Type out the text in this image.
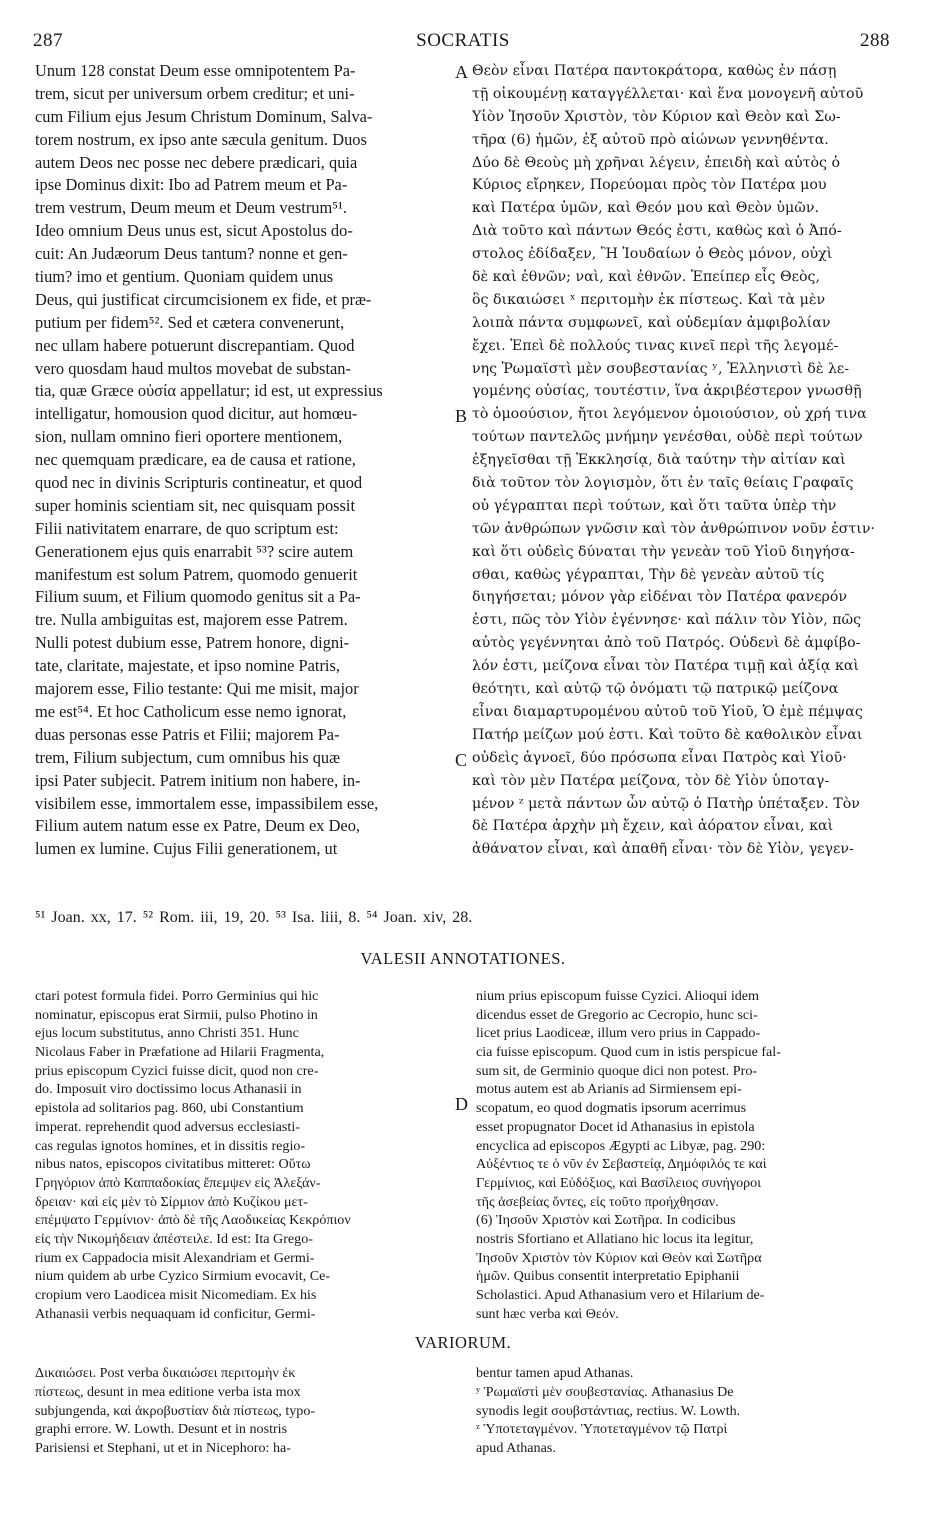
287	SOCRATIS	288
Unum 128 constat Deum esse omnipotentem Pa-
trem, sicut per universum orbem creditur; et uni-
cum Filium ejus Jesum Christum Dominum, Salva-
torem nostrum, ex ipso ante sæcula genitum. Duos
autem Deos nec posse nec debere prædicari, quia
ipse Dominus dixit: Ibo ad Patrem meum et Pa-
trem vestrum, Deum meum et Deum vestrum⁵¹.
Ideo omnium Deus unus est, sicut Apostolus do-
cuit: An Judæorum Deus tantum? nonne et gen-
tium? imo et gentium. Quoniam quidem unus
Deus, qui justificat circumcisionem ex fide, et præ-
putium per fidem⁵². Sed et cætera convenerunt,
nec ullam habere potuerunt discrepantiam. Quod
vero quosdam haud multos movebat de substan-
tia, quæ Græce οὐσία appellatur; id est, ut expressius
intelligatur, homousion quod dicitur, aut homœu-
sion, nullam omnino fieri oportere mentionem,
nec quemquam prædicare, ea de causa et ratione,
quod nec in divinis Scripturis contineatur, et quod
super hominis scientiam sit, nec quisquam possit
Filii nativitatem enarrare, de quo scriptum est:
Generationem ejus quis enarrabit ⁵³? scire autem
manifestum est solum Patrem, quomodo genuerit
Filium suum, et Filium quomodo genitus sit a Pa-
tre. Nulla ambiguitas est, majorem esse Patrem.
Nulli potest dubium esse, Patrem honore, digni-
tate, claritate, majestate, et ipso nomine Patris,
majorem esse, Filio testante: Qui me misit, major
me est⁵⁴. Et hoc Catholicum esse nemo ignorat,
duas personas esse Patris et Filii; majorem Pa-
trem, Filium subjectum, cum omnibus his quæ
ipsi Pater subjecit. Patrem initium non habere, in-
visibilem esse, immortalem esse, impassibilem esse,
Filium autem natum esse ex Patre, Deum ex Deo,
lumen ex lumine. Cujus Filii generationem, ut
Θεὸν εἶναι Πατέρα παντοκράτορα, καθὼς ἐν πάσῃ
τῇ οἰκουμένῃ καταγγέλλεται· καὶ ἕνα μονογενῆ αὐτοῦ
Υἱὸν Ἰησοῦν Χριστὸν, τὸν Κύριον καὶ Θεὸν καὶ Σω-
τῆρα (6) ἡμῶν, ἐξ αὐτοῦ πρὸ αἰώνων γεννηθέντα.
Δύο δὲ Θεοὺς μὴ χρῆναι λέγειν, ἐπειδὴ καὶ αὐτὸς ὁ
Κύριος εἴρηκεν, Πορεύομαι πρὸς τὸν Πατέρα μου
καὶ Πατέρα ὑμῶν, καὶ Θεόν μου καὶ Θεὸν ὑμῶν.
Διὰ τοῦτο καὶ πάντων Θεός ἐστι, καθὼς καὶ ὁ Ἀπό-
στολος ἐδίδαξεν, Ἢ Ἰουδαίων ὁ Θεὸς μόνον, οὐχὶ
δὲ καὶ ἐθνῶν; ναὶ, καὶ ἐθνῶν. Ἐπείπερ εἷς Θεὸς,
ὃς δικαιώσει ˣ περιτομὴν ἐκ πίστεως. Καὶ τὰ μὲν
λοιπὰ πάντα συμφωνεῖ, καὶ οὐδεμίαν ἀμφιβολίαν
ἔχει. Ἐπεὶ δὲ πολλούς τινας κινεῖ περὶ τῆς λεγομέ-
νης Ῥωμαϊστὶ μὲν σουβεστανίας ʸ, Ἑλληνιστὶ δὲ λε-
γομένης οὐσίας, τουτέστιν, ἵνα ἀκριβέστερον γνωσθῇ
τὸ ὁμοούσιον, ἤτοι λεγόμενον ὁμοιούσιον, οὐ χρή τινα
τούτων παντελῶς μνήμην γενέσθαι, οὐδὲ περὶ τούτων
ἐξηγεῖσθαι τῇ Ἐκκλησίᾳ, διὰ ταύτην τὴν αἰτίαν καὶ
διὰ τοῦτον τὸν λογισμὸν, ὅτι ἐν ταῖς θείαις Γραφαῖς
οὐ γέγραπται περὶ τούτων, καὶ ὅτι ταῦτα ὑπὲρ τὴν
τῶν ἀνθρώπων γνῶσιν καὶ τὸν ἀνθρώπινον νοῦν ἐστιν·
καὶ ὅτι οὐδεὶς δύναται τὴν γενεὰν τοῦ Υἱοῦ διηγήσα-
σθαι, καθὼς γέγραπται, Τὴν δὲ γενεὰν αὐτοῦ τίς
διηγήσεται; μόνον γὰρ εἰδέναι τὸν Πατέρα φανερόν
ἐστι, πῶς τὸν Υἱὸν ἐγέννησε· καὶ πάλιν τὸν Υἱὸν, πῶς
αὐτὸς γεγέννηται ἀπὸ τοῦ Πατρός. Οὐδενὶ δὲ ἀμφίβο-
λόν ἐστι, μείζονα εἶναι τὸν Πατέρα τιμῇ καὶ ἀξίᾳ καὶ
θεότητι, καὶ αὐτῷ τῷ ὀνόματι τῷ πατρικῷ μείζονα
εἶναι διαμαρτυρομένου αὐτοῦ τοῦ Υἱοῦ, Ὁ ἐμὲ πέμψας
Πατήρ μείζων μού ἐστι. Καὶ τοῦτο δὲ καθολικὸν εἶναι
οὐδεὶς ἀγνοεῖ, δύο πρόσωπα εἶναι Πατρὸς καὶ Υἱοῦ·
καὶ τὸν μὲν Πατέρα μείζονα, τὸν δὲ Υἱὸν ὑποταγ-
μένον ᶻ μετὰ πάντων ὧν αὐτῷ ὁ Πατὴρ ὑπέταξεν. Τὸν
δὲ Πατέρα ἀρχὴν μὴ ἔχειν, καὶ ἀόρατον εἶναι, καὶ
ἀθάνατον εἶναι, καὶ ἀπαθῆ εἶναι· τὸν δὲ Υἱὸν, γεγεν-
A
B
C
D
⁵¹ Joan. xx, 17. ⁵² Rom. iii, 19, 20. ⁵³ Isa. liii, 8. ⁵⁴ Joan. xiv, 28.
VALESII ANNOTATIONES.
ctari potest formula fidei. Porro Germinius qui hic
nominatur, episcopus erat Sirmii, pulso Photino in
ejus locum substitutus, anno Christi 351. Hunc
Nicolaus Faber in Præfatione ad Hilarii Fragmenta,
prius episcopum Cyzici fuisse dicit, quod non cre-
do. Imposuit viro doctissimo locus Athanasii in
epistola ad solitarios pag. 860, ubi Constantium
imperat. reprehendit quod adversus ecclesiasti-
cas regulas ignotos homines, et in dissitis regio-
nibus natos, episcopos civitatibus mitteret: Οὕτω
Γρηγόριον ἀπὸ Καππαδοκίας ἔπεμψεν εἰς Ἀλεξάν-
δρειαν· καὶ εἰς μὲν τὸ Σίρμιον ἀπὸ Κυζίκου μετ-
επέμψατο Γερμίνιον· ἀπὸ δὲ τῆς Λαοδικείας Κεκρόπιον
εἰς τὴν Νικομήδειαν ἀπέστειλε. Id est: Ita Grego-
rium ex Cappadocia misit Alexandriam et Germi-
nium quidem ab urbe Cyzico Sirmium evocavit, Ce-
cropium vero Laodicea misit Nicomediam. Ex his
Athanasii verbis nequaquam id conficitur, Germi-
nium prius episcopum fuisse Cyzici. Alioqui idem
dicendus esset de Gregorio ac Cecropio, hunc sci-
licet prius Laodiceæ, illum vero prius in Cappado-
cia fuisse episcopum. Quod cum in istis perspicue fal-
sum sit, de Germinio quoque dici non potest. Pro-
motus autem est ab Arianis ad Sirmiensem epi-
scopatum, eo quod dogmatis ipsorum acerrimus
esset propugnator Docet id Athanasius in epistola
encyclica ad episcopos Ægypti ac Libyæ, pag. 290:
Αὐξέντιος τε ὁ νῦν ἐν Σεβαστείᾳ, Δημόφιλός τε καὶ
Γερμίνιος, καὶ Εὐδόξιος, καὶ Βασίλειος συνήγοροι
τῆς ἀσεβείας ὄντες, εἰς τοῦτο προήχθησαν.
(6) Ἰησοῦν Χριστὸν καὶ Σωτῆρα. In codicibus
nostris Sfortiano et Allatiano hic locus ita legitur,
Ἰησοῦν Χριστὸν τὸν Κύριον καὶ Θεὸν καὶ Σωτῆρα
ἡμῶν. Quibus consentit interpretatio Epiphanii
Scholastici. Apud Athanasium vero et Hilarium de-
sunt hæc verba καὶ Θεόν.
VARIORUM.
Δικαιώσει. Post verba δικαιώσει περιτομὴν ἐκ
πίστεως, desunt in mea editione verba ista mox
subjungenda, καὶ ἀκροβυστίαν διὰ πίστεως, typo-
graphi errore. W. Lowth. Desunt et in nostris
Parisiensi et Stephani, ut et in Nicephoro: ha-
bentur tamen apud Athanas.
ʸ Ῥωμαϊστὶ μὲν σουβεστανίας. Athanasius De
synodis legit σουβστάντιας, rectius. W. Lowth.
ᶻ Ὑποτεταγμένον. Ὑποτεταγμένον τῷ Πατρὶ
apud Athanas.
